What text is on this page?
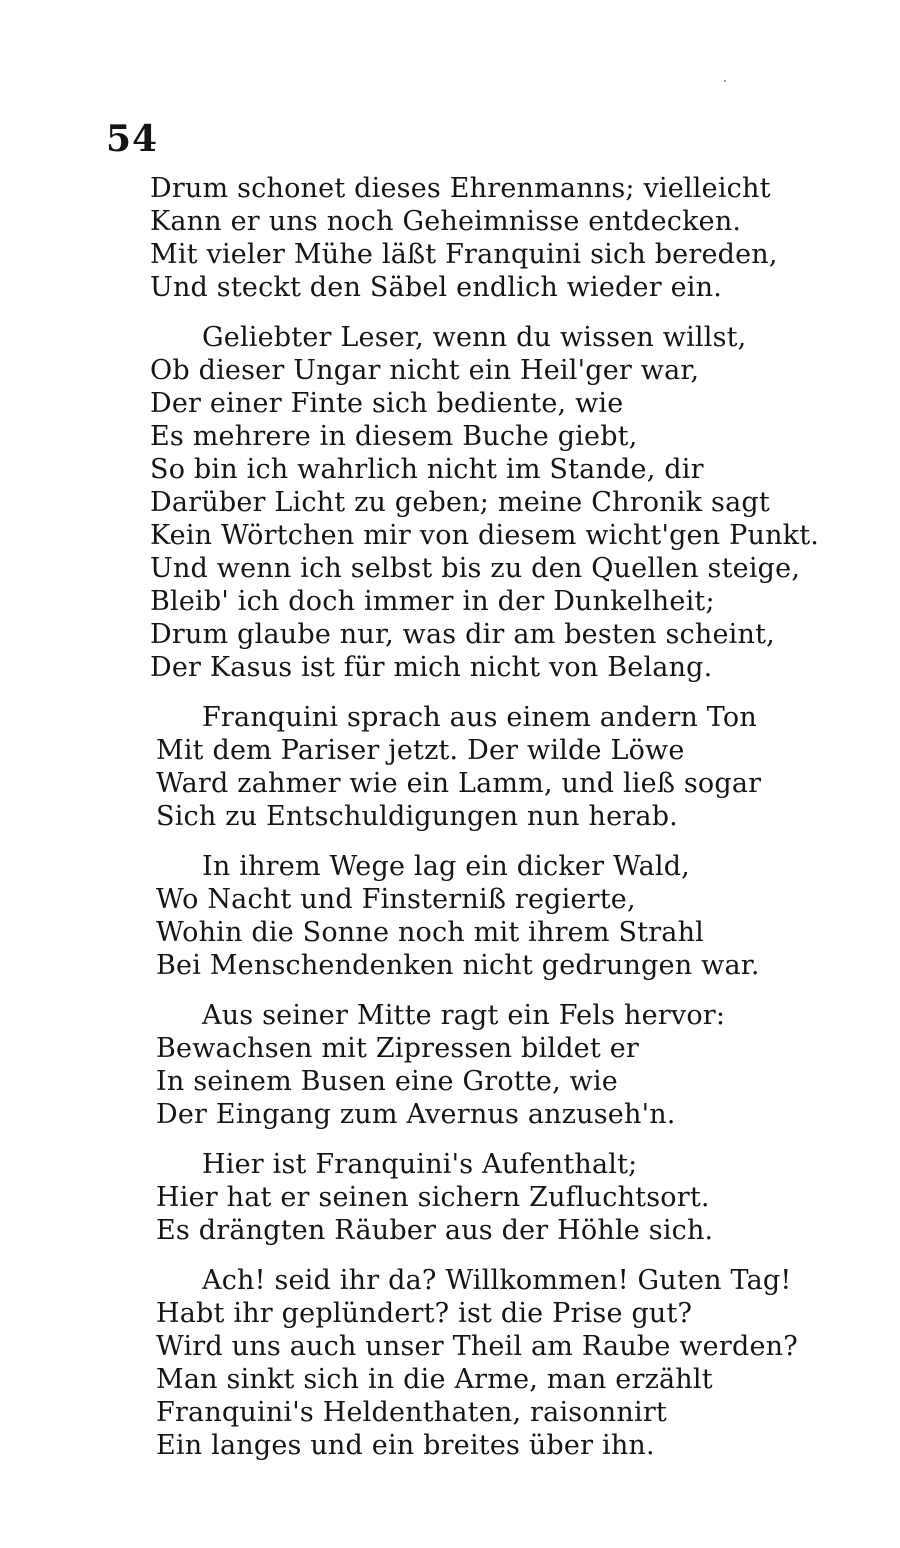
54
Drum schonet dieses Ehrenmanns; vielleicht
Kann er uns noch Geheimnisse entdecken.
Mit vieler Mühe läßt Franquini sich bereden,
Und steckt den Säbel endlich wieder ein.
Geliebter Leser, wenn du wissen willst,
Ob dieser Ungar nicht ein Heil'ger war,
Der einer Finte sich bediente, wie
Es mehrere in diesem Buche giebt,
So bin ich wahrlich nicht im Stande, dir
Darüber Licht zu geben; meine Chronik sagt
Kein Wörtchen mir von diesem wicht'gen Punkt.
Und wenn ich selbst bis zu den Quellen steige,
Bleib' ich doch immer in der Dunkelheit;
Drum glaube nur, was dir am besten scheint,
Der Kasus ist für mich nicht von Belang.
Franquini sprach aus einem andern Ton
Mit dem Pariser jetzt. Der wilde Löwe
Ward zahmer wie ein Lamm, und ließ sogar
Sich zu Entschuldigungen nun herab.
In ihrem Wege lag ein dicker Wald,
Wo Nacht und Finsterniß regierte,
Wohin die Sonne noch mit ihrem Strahl
Bei Menschendenken nicht gedrungen war.
Aus seiner Mitte ragt ein Fels hervor:
Bewachsen mit Zipressen bildet er
In seinem Busen eine Grotte, wie
Der Eingang zum Avernus anzuseh'n.
Hier ist Franquini's Aufenthalt;
Hier hat er seinen sichern Zufluchtsort.
Es drängten Räuber aus der Höhle sich.
Ach! seid ihr da? Willkommen! Guten Tag!
Habt ihr geplündert? ist die Prise gut?
Wird uns auch unser Theil am Raube werden?
Man sinkt sich in die Arme, man erzählt
Franquini's Heldenthaten, raisonnirt
Ein langes und ein breites über ihn.
